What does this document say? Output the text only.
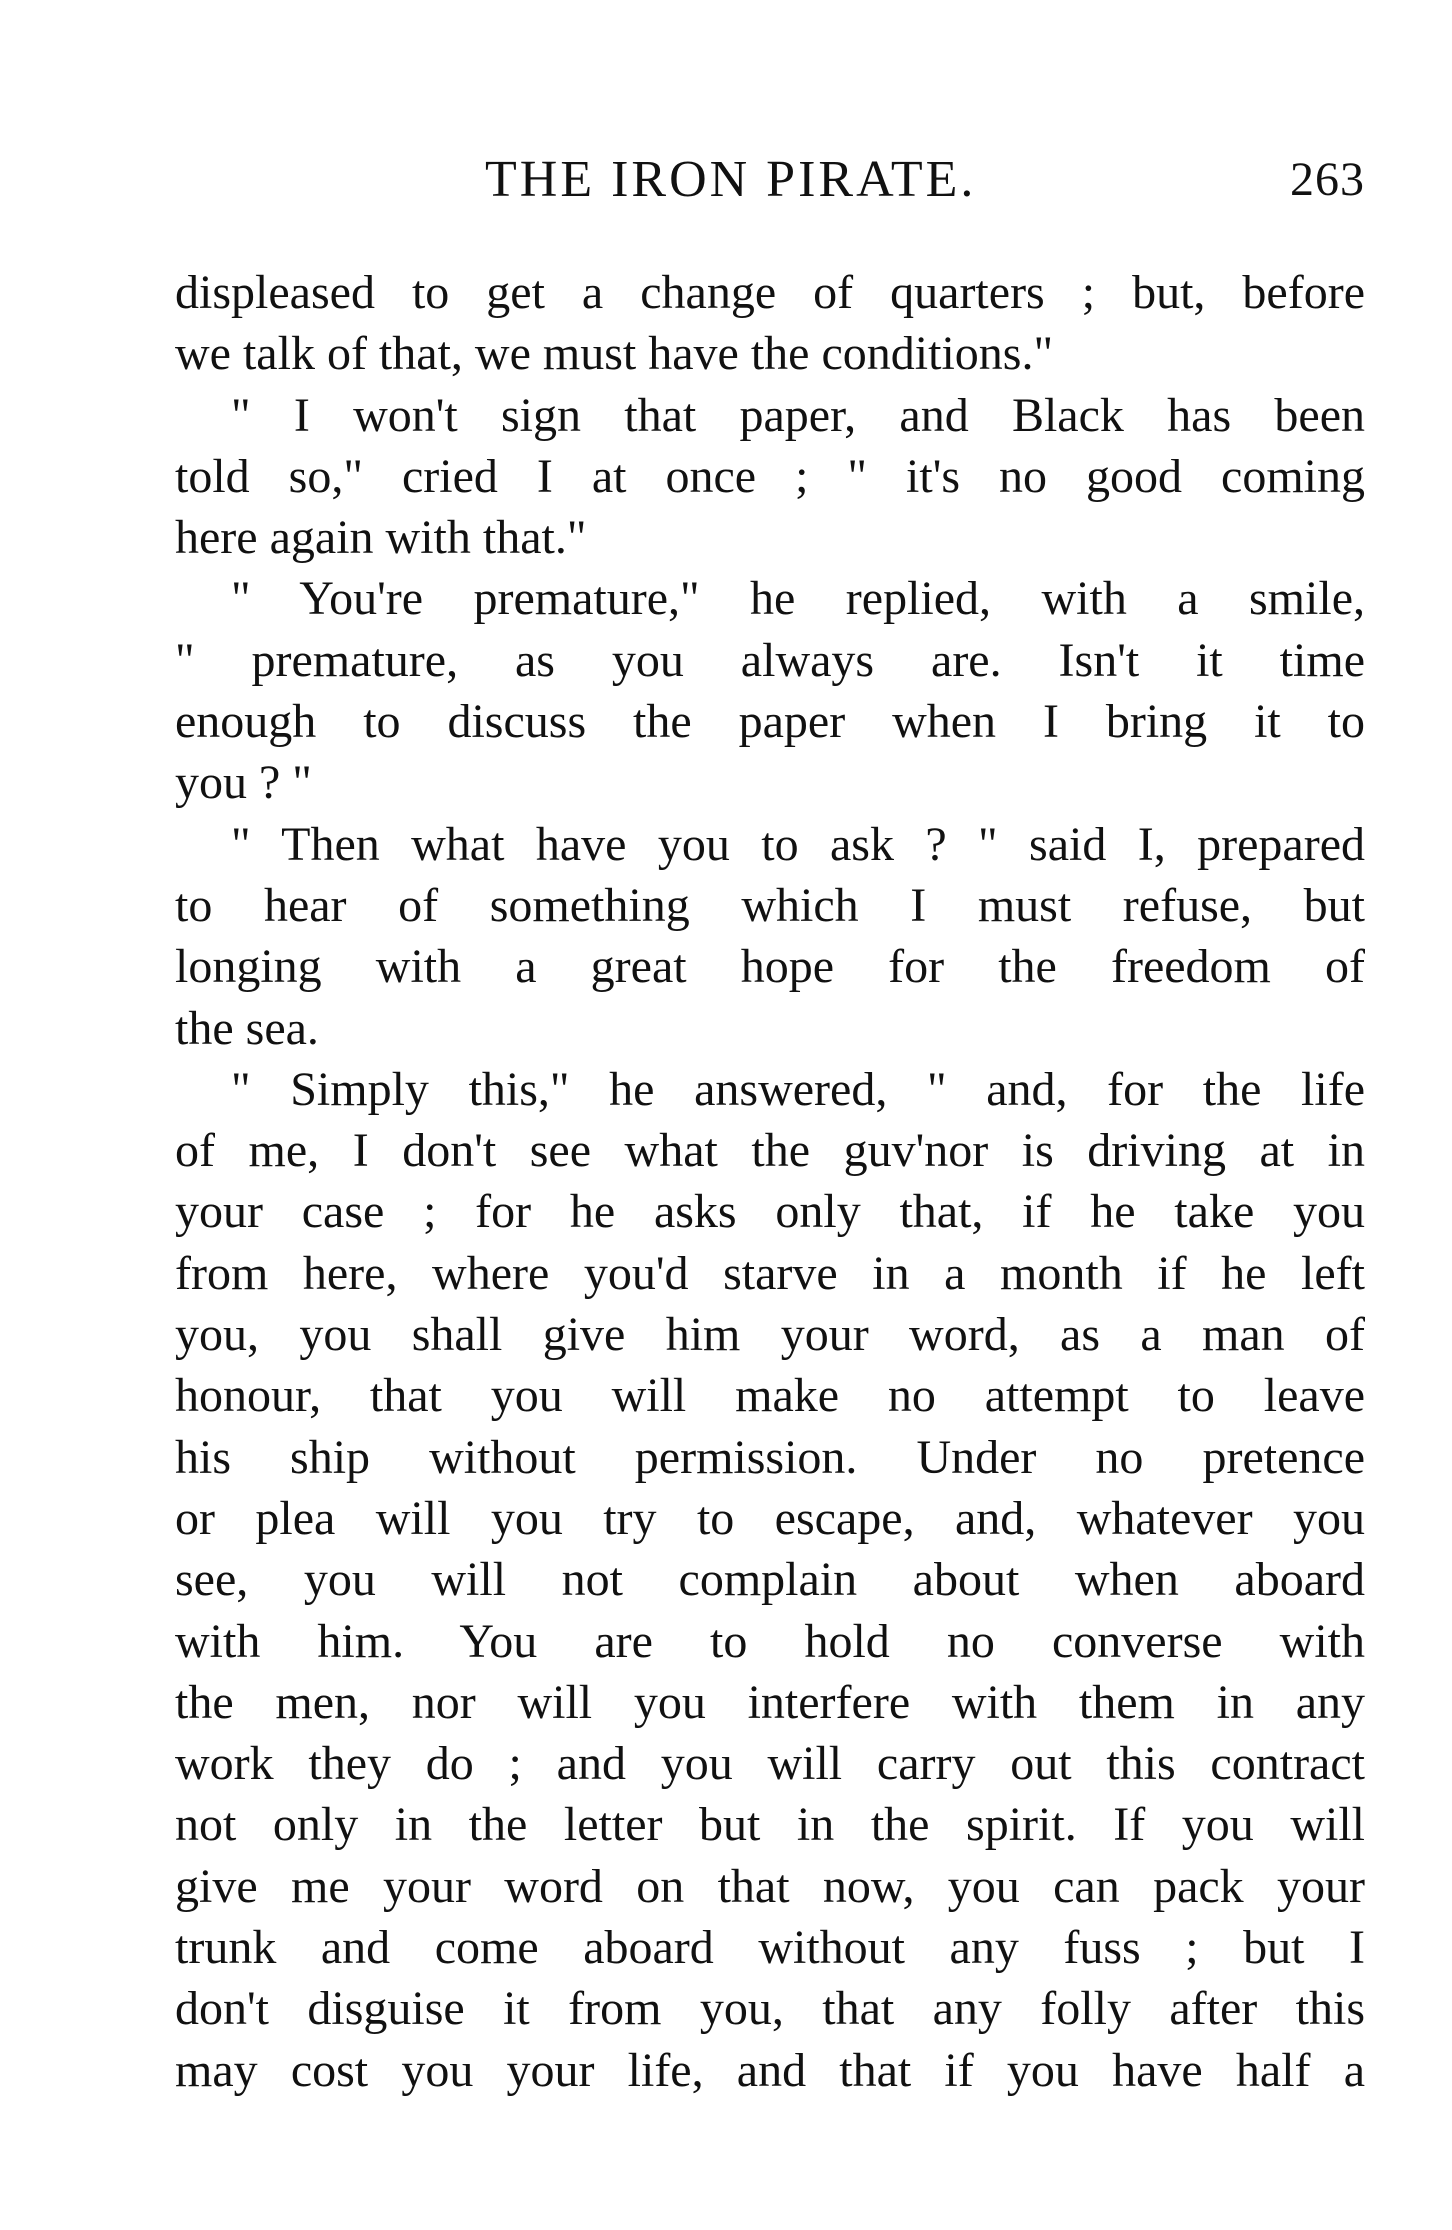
THE IRON PIRATE.	263
displeased to get a change of quarters ; but, before
we talk of that, we must have the conditions."
" I won't sign that paper, and Black has been
told so," cried I at once ; " it's no good coming
here again with that."
" You're premature," he replied, with a smile,
" premature, as you always are. Isn't it time
enough to discuss the paper when I bring it to
you ? "
" Then what have you to ask ? " said I, prepared
to hear of something which I must refuse, but
longing with a great hope for the freedom of
the sea.
" Simply this," he answered, " and, for the life
of me, I don't see what the guv'nor is driving at in
your case ; for he asks only that, if he take you
from here, where you'd starve in a month if he left
you, you shall give him your word, as a man of
honour, that you will make no attempt to leave
his ship without permission. Under no pretence
or plea will you try to escape, and, whatever you
see, you will not complain about when aboard
with him. You are to hold no converse with
the men, nor will you interfere with them in any
work they do ; and you will carry out this contract
not only in the letter but in the spirit. If you will
give me your word on that now, you can pack your
trunk and come aboard without any fuss ; but I
don't disguise it from you, that any folly after this
may cost you your life, and that if you have half a
